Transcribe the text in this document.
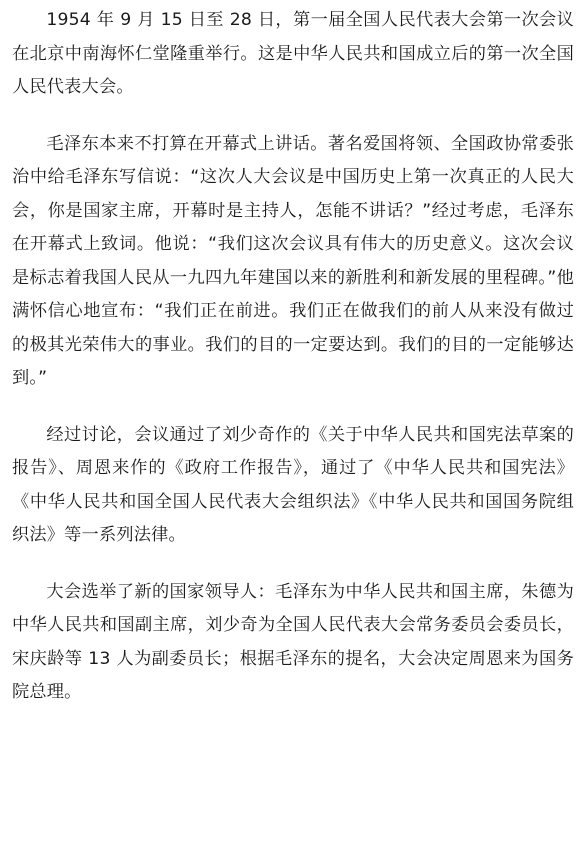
1954 年 9 月 15 日至 28 日，第一届全国人民代表大会第一次会议在北京中南海怀仁堂隆重举行。这是中华人民共和国成立后的第一次全国人民代表大会。

毛泽东本来不打算在开幕式上讲话。著名爱国将领、全国政协常委张治中给毛泽东写信说：“这次人大会议是中国历史上第一次真正的人民大会，你是国家主席，开幕时是主持人，怎能不讲话？”经过考虑，毛泽东在开幕式上致词。他说：“我们这次会议具有伟大的历史意义。这次会议是标志着我国人民从一九四九年建国以来的新胜利和新发展的里程碑。”他满怀信心地宣布：“我们正在前进。我们正在做我们的前人从来没有做过的极其光荣伟大的事业。我们的目的一定要达到。我们的目的一定能够达到。”

经过讨论，会议通过了刘少奇作的《关于中华人民共和国宪法草案的报告》、周恩来作的《政府工作报告》，通过了《中华人民共和国宪法》《中华人民共和国全国人民代表大会组织法》《中华人民共和国国务院组织法》等一系列法律。

大会选举了新的国家领导人：毛泽东为中华人民共和国主席，朱德为中华人民共和国副主席，刘少奇为全国人民代表大会常务委员会委员长，宋庆龄等 13 人为副委员长；根据毛泽东的提名，大会决定周恩来为国务院总理。
